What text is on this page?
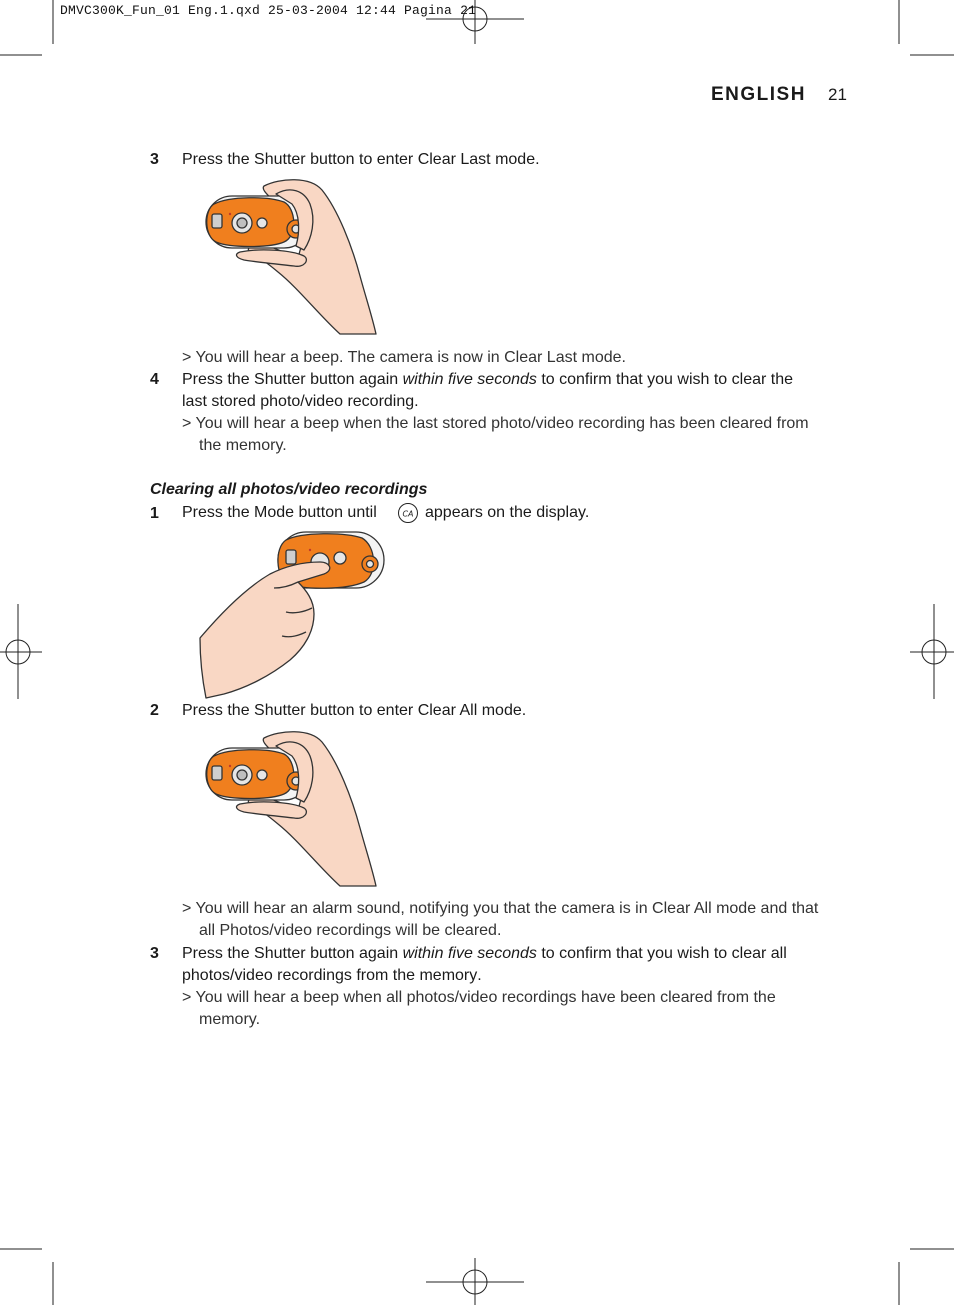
DMVC300K_Fun_01 Eng.1.qxd 25-03-2004 12:44 Pagina 21
ENGLISH 21
3 Press the Shutter button to enter Clear Last mode.
> You will hear a beep. The camera is now in Clear Last mode.
4 Press the Shutter button again within five seconds to confirm that you wish to clear the
last stored photo/video recording.
> You will hear a beep when the last stored photo/video recording has been cleared from
the memory.
Clearing all photos/video recordings
1 Press the Mode button until	CA appears on the display.
2 Press the Shutter button to enter Clear All mode.
> You will hear an alarm sound, notifying you that the camera is in Clear All mode and that
all Photos/video recordings will be cleared.
3 Press the Shutter button again within five seconds to confirm that you wish to clear all
photos/video recordings from the memory.
> You will hear a beep when all photos/video recordings have been cleared from the
memory.
